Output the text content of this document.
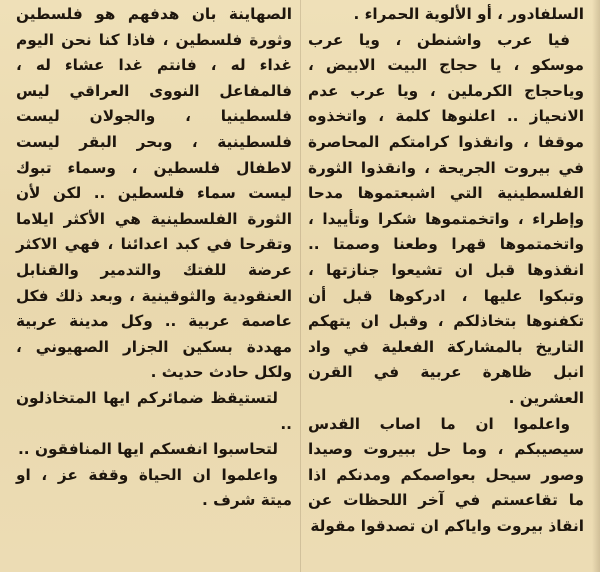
السلفادور ، أو الألوية الحمراء .

فيا عرب واشنطن ، ويا عرب موسكو ، يا حجاج البيت الابيض ، وياحجاج الكرملين ، ويا عرب عدم الانحياز .. اعلنوها كلمة ، واتخذوه موقفا ، وانقذوا كرامتكم المحاصرة في بيروت الجريحة ، وانقذوا الثورة الفلسطينية التي اشبعتموها مدحا وإطراء ، واتخمتموها شكرا وتأييدا ، واتخمتموها قهرا وطعنا وصمتا .. انقذوها قبل ان تشيعوا جنازتها ، وتبكوا عليها ، ادركوها قبل أن تكفنوها بتخاذلكم ، وقبل ان يتهكم التاريخ بالمشاركة الفعلية في واد انبل ظاهرة عربية في القرن العشرين .

واعلموا ان ما اصاب القدس سيصيبكم ، وما حل ببيروت وصيدا وصور سيحل بعواصمكم ومدنكم اذا ما تقاعستم في آخر اللحظات عن انقاذ بيروت واياكم ان تصدقوا مقولة

الصهاينة بان هدفهم هو فلسطين وثورة فلسطين ، فاذا كنا نحن اليوم غداء له ، فانتم غدا عشاء له ، فالمفاعل النووى العراقي ليس فلسطينيا ، والجولان ليست فلسطينية ، وبحر البقر ليست لاطفال فلسطين ، وسماء تبوك ليست سماء فلسطين .. لكن لأن الثورة الفلسطينية هي الأكثر ايلاما وتقرحا في كبد اعدائنا ، فهي الاكثر عرضة للفتك والتدمير والقنابل العنقودية والثوقينية ، وبعد ذلك فكل عاصمة عربية .. وكل مدينة عربية مهددة بسكين الجزار الصهيوني ، ولكل حادث حديث .

لتستيقظ ضمائركم ايها المتخاذلون ..

لتحاسبوا انفسكم ايها المنافقون ..

واعلموا ان الحياة وقفة عز ، او ميتة شرف .
